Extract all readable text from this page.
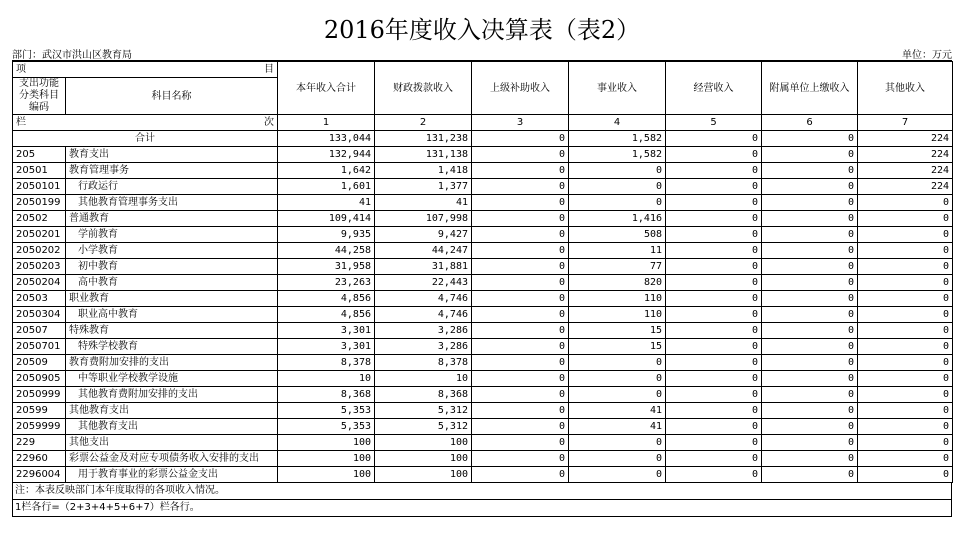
2016年度收入决算表（表2）
部门：武汉市洪山区教育局	单位：万元
项 目		本年收入合计	财政拨款收入	上级补助收入	事业收入	经营收入	附属单位上缴收入	其他收入
支出功能分类科目编码	科目名称							
栏 次		1	2	3	4	5	6	7
合计		133,044	131,238	0	1,582	0	0	224
205	教育支出	132,944	131,138	0	1,582	0	0	224
20501	教育管理事务	1,642	1,418	0	0	0	0	224
2050101	行政运行	1,601	1,377	0	0	0	0	224
2050199	其他教育管理事务支出	41	41	0	0	0	0	0
20502	普通教育	109,414	107,998	0	1,416	0	0	0
2050201	学前教育	9,935	9,427	0	508	0	0	0
2050202	小学教育	44,258	44,247	0	11	0	0	0
2050203	初中教育	31,958	31,881	0	77	0	0	0
2050204	高中教育	23,263	22,443	0	820	0	0	0
20503	职业教育	4,856	4,746	0	110	0	0	0
2050304	职业高中教育	4,856	4,746	0	110	0	0	0
20507	特殊教育	3,301	3,286	0	15	0	0	0
2050701	特殊学校教育	3,301	3,286	0	15	0	0	0
20509	教育费附加安排的支出	8,378	8,378	0	0	0	0	0
2050905	中等职业学校教学设施	10	10	0	0	0	0	0
2050999	其他教育费附加安排的支出	8,368	8,368	0	0	0	0	0
20599	其他教育支出	5,353	5,312	0	41	0	0	0
2059999	其他教育支出	5,353	5,312	0	41	0	0	0
229	其他支出	100	100	0	0	0	0	0
22960	彩票公益金及对应专项债务收入安排的支出	100	100	0	0	0	0	0
2296004	用于教育事业的彩票公益金支出	100	100	0	0	0	0	0
注：本表反映部门本年度取得的各项收入情况。
1栏各行=（2+3+4+5+6+7）栏各行。
